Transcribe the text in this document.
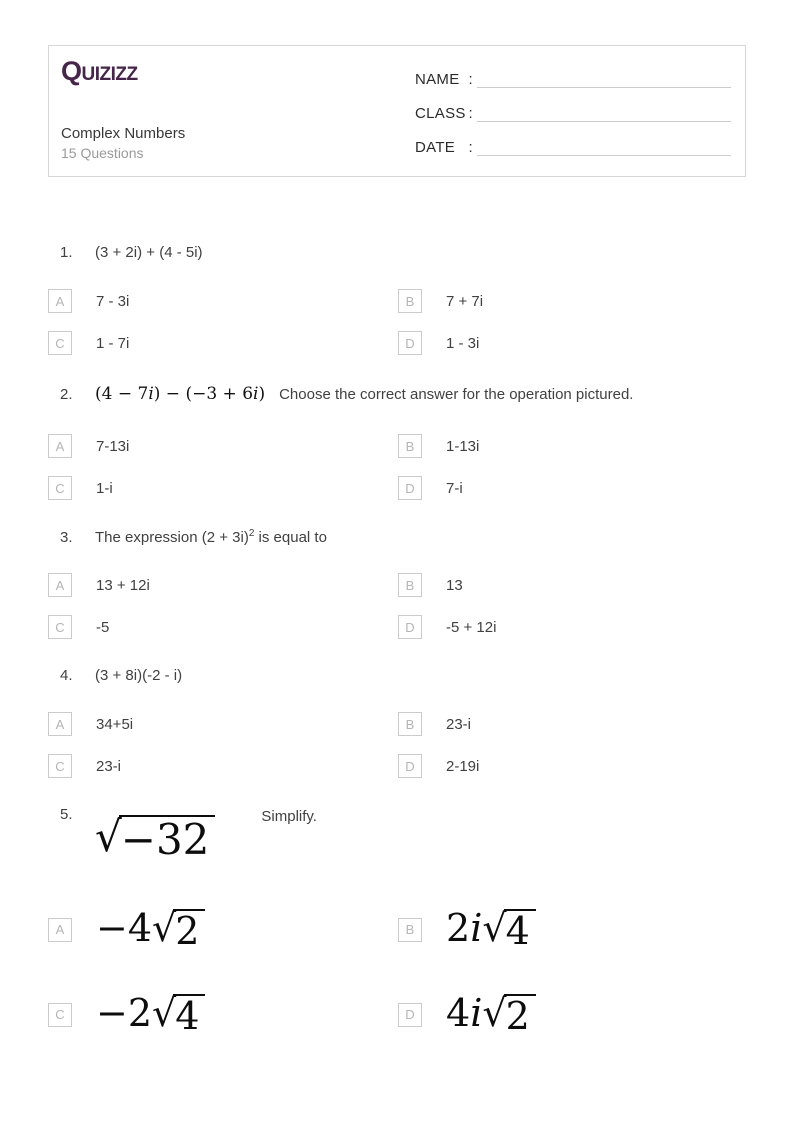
Quizizz
Complex Numbers
15 Questions
NAME :
CLASS :
DATE :
1.	(3 + 2i) + (4 - 5i)
A	7 - 3i	B	7 + 7i
C	1 - 7i	D	1 - 3i
2.	(4 − 7i) − (−3 + 6i) Choose the correct answer for the operation pictured.
A	7-13i	B	1-13i
C	1-i	D	7-i
3.	The expression $(2 + 3i)^2$ is equal to
A	13 + 12i	B	13
C	-5	D	-5 + 12i
4.	(3 + 8i)(-2 - i)
A	34+5i	B	23-i
C	23-i	D	2-19i
5. √ −32	Simplify.
A −4 √ 2	B 2i √ 4
C −2 √ 4	D 4i √ 2
